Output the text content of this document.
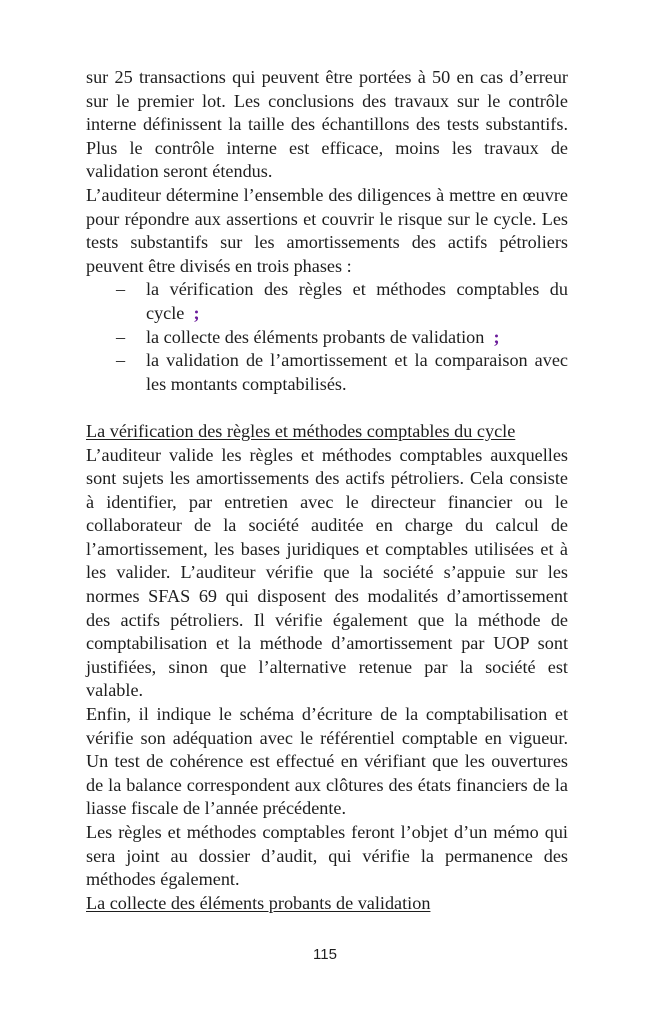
sur 25 transactions qui peuvent être portées à 50 en cas d’erreur sur le premier lot. Les conclusions des travaux sur le contrôle interne définissent la taille des échantillons des tests substantifs. Plus le contrôle interne est efficace, moins les travaux de validation seront étendus.

L’auditeur détermine l’ensemble des diligences à mettre en œuvre pour répondre aux assertions et couvrir le risque sur le cycle. Les tests substantifs sur les amortissements des actifs pétroliers peuvent être divisés en trois phases :

– la vérification des règles et méthodes comptables du cycle  ;
– la collecte des éléments probants de validation  ;
– la validation de l’amortissement et la comparaison avec les montants comptabilisés.

La vérification des règles et méthodes comptables du cycle

L’auditeur valide les règles et méthodes comptables auxquelles sont sujets les amortissements des actifs pétroliers. Cela consiste à identifier, par entretien avec le directeur financier ou le collaborateur de la société auditée en charge du calcul de l’amortissement, les bases juridiques et comptables utilisées et à les valider. L’auditeur vérifie que la société s’appuie sur les normes SFAS 69 qui disposent des modalités d’amortissement des actifs pétroliers. Il vérifie également que la méthode de comptabilisation et la méthode d’amortissement par UOP sont justifiées, sinon que l’alternative retenue par la société est valable.

Enfin, il indique le schéma d’écriture de la comptabilisation et vérifie son adéquation avec le référentiel comptable en vigueur. Un test de cohérence est effectué en vérifiant que les ouvertures de la balance correspondent aux clôtures des états financiers de la liasse fiscale de l’année précédente.

Les règles et méthodes comptables feront l’objet d’un mémo qui sera joint au dossier d’audit, qui vérifie la permanence des méthodes également.

La collecte des éléments probants de validation

115
